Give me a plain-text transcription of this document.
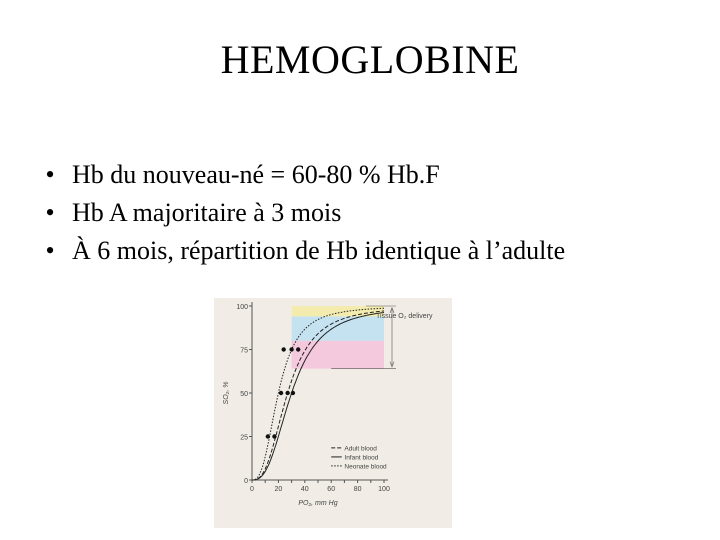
HEMOGLOBINE
• Hb du nouveau-né = 60-80 % Hb.F
• Hb A majoritaire à 3 mois
• À 6 mois, répartition de Hb identique à l’adulte
0
25
50
75
100
0	20	40	60	80 100
PO₂, mm Hg
SO₂, %
Tissue O₂ delivery
Adult blood
Infant blood
Neonate blood
